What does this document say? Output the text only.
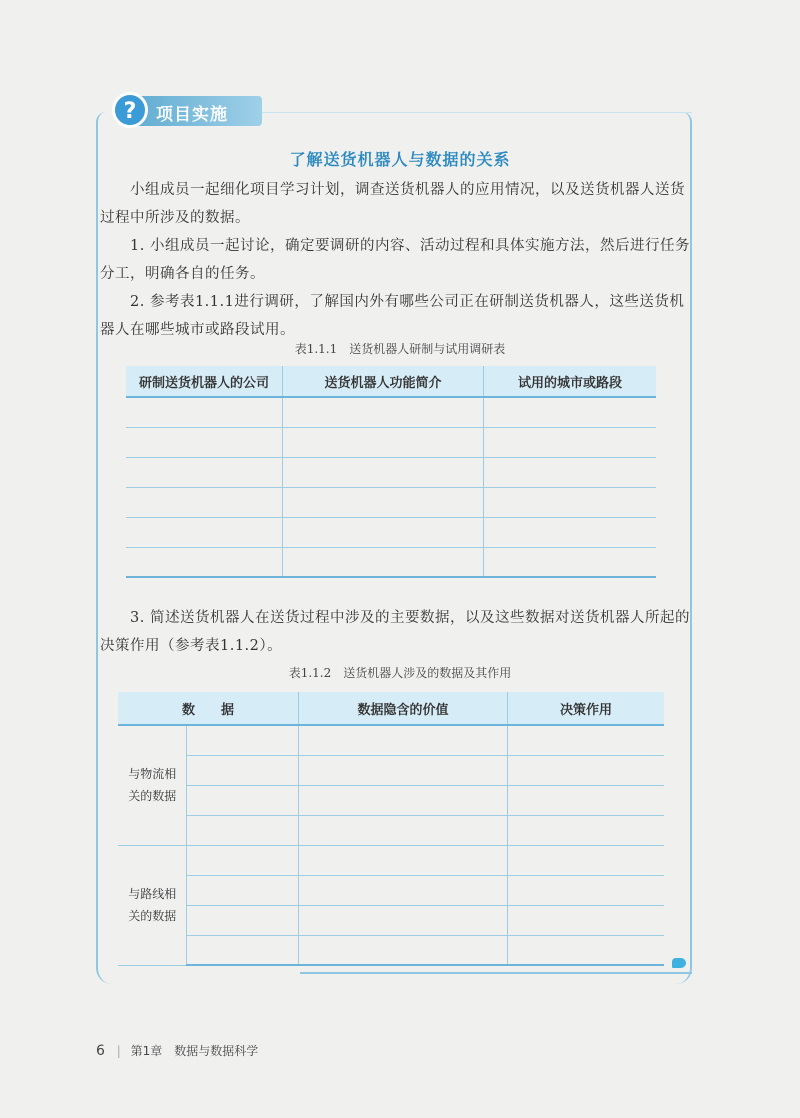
?	项目实施
了解送货机器人与数据的关系
小组成员一起细化项目学习计划，调查送货机器人的应用情况，以及送货机器人送货过程中所涉及的数据。
1. 小组成员一起讨论，确定要调研的内容、活动过程和具体实施方法，然后进行任务分工，明确各自的任务。
2. 参考表1.1.1进行调研，了解国内外有哪些公司正在研制送货机器人，这些送货机器人在哪些城市或路段试用。
表1.1.1　送货机器人研制与试用调研表
研制送货机器人的公司	送货机器人功能简介	试用的城市或路段

3. 简述送货机器人在送货过程中涉及的主要数据，以及这些数据对送货机器人所起的决策作用（参考表1.1.2）。
表1.1.2　送货机器人涉及的数据及其作用
数　　据		数据隐含的价值	决策作用
与物流相关的数据			

与路线相关的数据			

6 | 第1章　数据与数据科学
